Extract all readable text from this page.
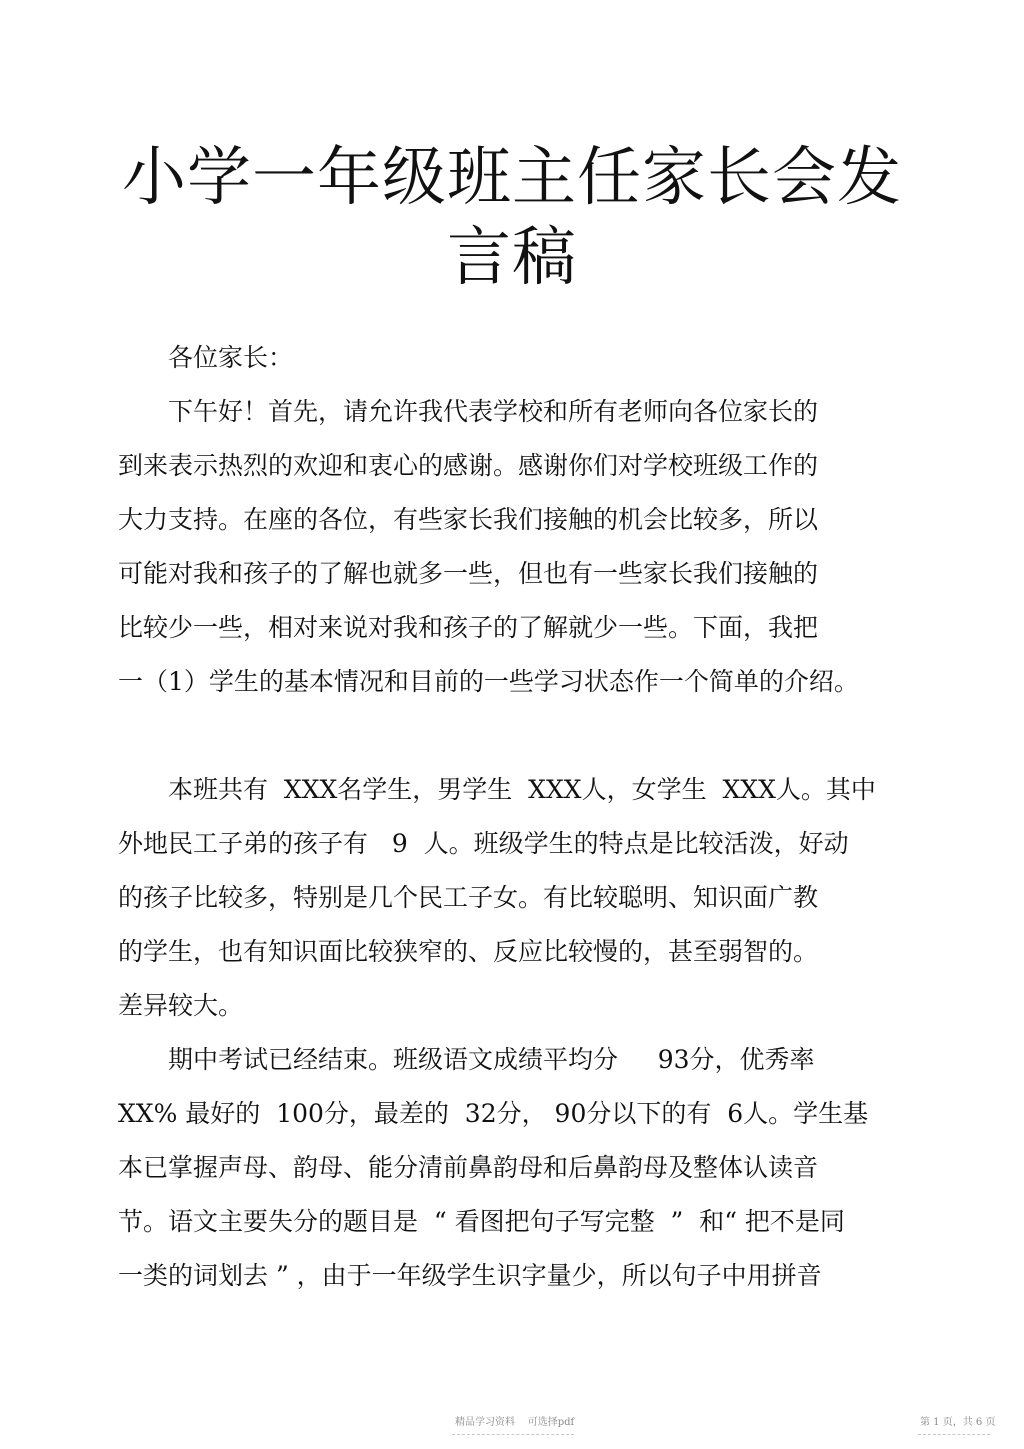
小学一年级班主任家长会发
言稿

各位家长：

下午好！首先，请允许我代表学校和所有老师向各位家长的

到来表示热烈的欢迎和衷心的感谢。感谢你们对学校班级工作的

大力支持。在座的各位，有些家长我们接触的机会比较多，所以

可能对我和孩子的了解也就多一些，但也有一些家长我们接触的

比较少一些，相对来说对我和孩子的了解就少一些。下面，我把

一（1）学生的基本情况和目前的一些学习状态作一个简单的介绍。

本班共有  XXX名学生，男学生  XXX人，女学生  XXX人。其中

外地民工子弟的孩子有   9  人。班级学生的特点是比较活泼，好动

的孩子比较多，特别是几个民工子女。有比较聪明、知识面广教

的学生，也有知识面比较狭窄的、反应比较慢的，甚至弱智的。

差异较大。

期中考试已经结束。班级语文成绩平均分     93分，优秀率

XX% 最好的  100分，最差的  32分， 90分以下的有  6人。学生基

本已掌握声母、韵母、能分清前鼻韵母和后鼻韵母及整体认读音

节。语文主要失分的题目是  “ 看图把句子写完整  ”  和“ 把不是同

一类的词划去 ” ，由于一年级学生识字量少，所以句子中用拼音

精品学习资料    可选择pdf	第 1 页，共 6 页
